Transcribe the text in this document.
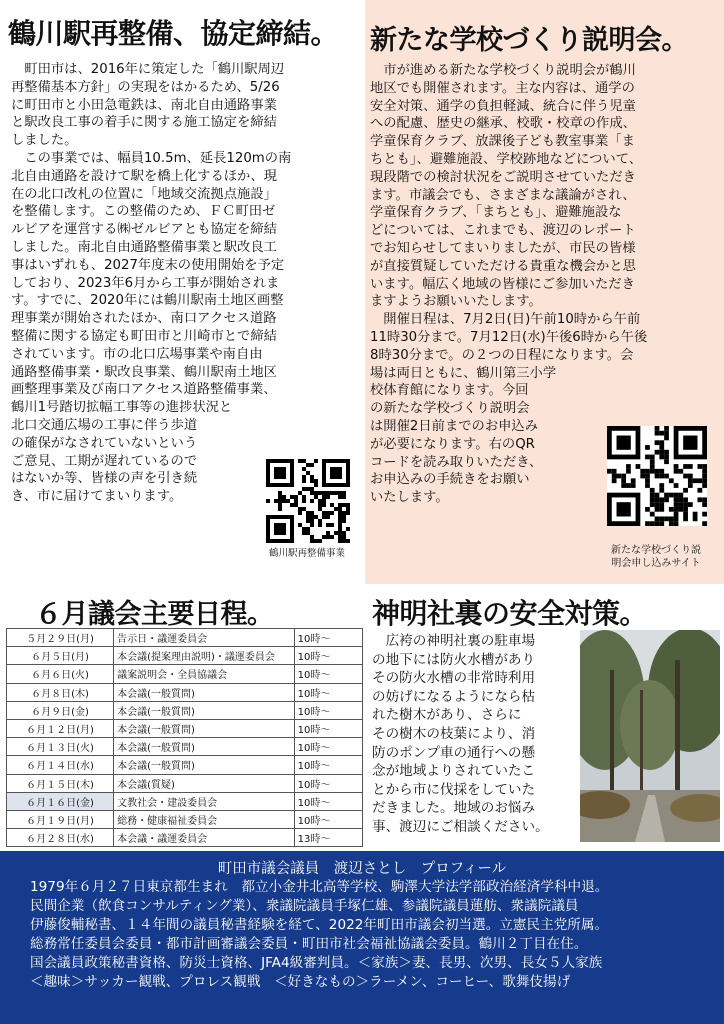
鶴川駅再整備、協定締結。
　町田市は、2016年に策定した「鶴川駅周辺
再整備基本方針」の実現をはかるため、5/26
に町田市と小田急電鉄は、南北自由通路事業
と駅改良工事の着手に関する施工協定を締結
しました。
　この事業では、幅員10.5m、延長120mの南
北自由通路を設けて駅を橋上化するほか、現
在の北口改札の位置に「地域交流拠点施設」
を整備します。この整備のため、ＦＣ町田ゼ
ルビアを運営する㈱ゼルビアとも協定を締結
しました。南北自由通路整備事業と駅改良工
事はいずれも、2027年度末の使用開始を予定
しており、2023年6月から工事が開始されま
す。すでに、2020年には鶴川駅南土地区画整
理事業が開始されたほか、南口アクセス道路
整備に関する協定も町田市と川崎市とで締結
されています。市の北口広場事業や南自由
通路整備事業・駅改良事業、鶴川駅南土地区
画整理事業及び南口アクセス道路整備事業、
鶴川1号踏切拡幅工事等の進捗状況と
北口交通広場の工事に伴う歩道
の確保がなされていないという
ご意見、工期が遅れているので
はないか等、皆様の声を引き続
き、市に届けてまいります。
鶴川駅再整備事業
新たな学校づくり説明会。
　市が進める新たな学校づくり説明会が鶴川
地区でも開催されます。主な内容は、通学の
安全対策、通学の負担軽減、統合に伴う児童
への配慮、歴史の継承、校歌・校章の作成、
学童保育クラブ、放課後子ども教室事業「ま
ちとも」、避難施設、学校跡地などについて、
現段階での検討状況をご説明させていただき
ます。市議会でも、さまざまな議論がされ、
学童保育クラブ、「まちとも」、避難施設な
どについては、これまでも、渡辺のレポート
でお知らせしてまいりましたが、市民の皆様
が直接質疑していただける貴重な機会かと思
います。幅広く地域の皆様にご参加いただき
ますようお願いいたします。
　開催日程は、7月2日(日)午前10時から午前
11時30分まで。7月12日(水)午後6時から午後
8時30分まで。の２つの日程になります。会
場は両日ともに、鶴川第三小学
校体育館になります。今回
の新たな学校づくり説明会
は開催2日前までのお申込み
が必要になります。右のQR
コードを読み取りいただき、
お申込みの手続きをお願い
いたします。
新たな学校づくり説
明会申し込みサイト
６月議会主要日程。
５月２９日(月)	告示日・議運委員会	10時〜
６月５日(月)	本会議(提案理由説明)・議運委員会	10時〜
６月６日(火)	議案説明会・全員協議会	10時〜
６月８日(木)	本会議(一般質問)	10時〜
６月９日(金)	本会議(一般質問)	10時〜
６月１２日(月)	本会議(一般質問)	10時〜
６月１３日(火)	本会議(一般質問)	10時〜
６月１４日(水)	本会議(一般質問)	10時〜
６月１５日(木)	本会議(質疑)	10時〜
６月１６日(金)	文教社会・建設委員会	10時〜
６月１９日(月)	総務・健康福祉委員会	10時〜
６月２８日(水)	本会議・議運委員会	13時〜
神明社裏の安全対策。
　広袴の神明社裏の駐車場
の地下には防火水槽があり
その防火水槽の非常時利用
の妨げになるようになら枯
れた樹木があり、さらに
その樹木の枝葉により、消
防のポンプ車の通行への懸
念が地域よりされていたこ
とから市に伐採をしていた
だきました。地域のお悩み
事、渡辺にご相談ください。
町田市議会議員　渡辺さとし　プロフィール
1979年６月２７日東京都生まれ　都立小金井北高等学校、駒澤大学法学部政治経済学科中退。
民間企業（飲食コンサルティング業）、衆議院議員手塚仁雄、参議院議員蓮舫、衆議院議員
伊藤俊輔秘書、１４年間の議員秘書経験を経て、2022年町田市議会初当選。立憲民主党所属。
総務常任委員会委員・都市計画審議会委員・町田市社会福祉協議会委員。鶴川２丁目在住。
国会議員政策秘書資格、防災士資格、JFA4級審判員。＜家族＞妻、長男、次男、長女５人家族
＜趣味＞サッカー観戦、プロレス観戦　＜好きなもの＞ラーメン、コーヒー、歌舞伎揚げ
